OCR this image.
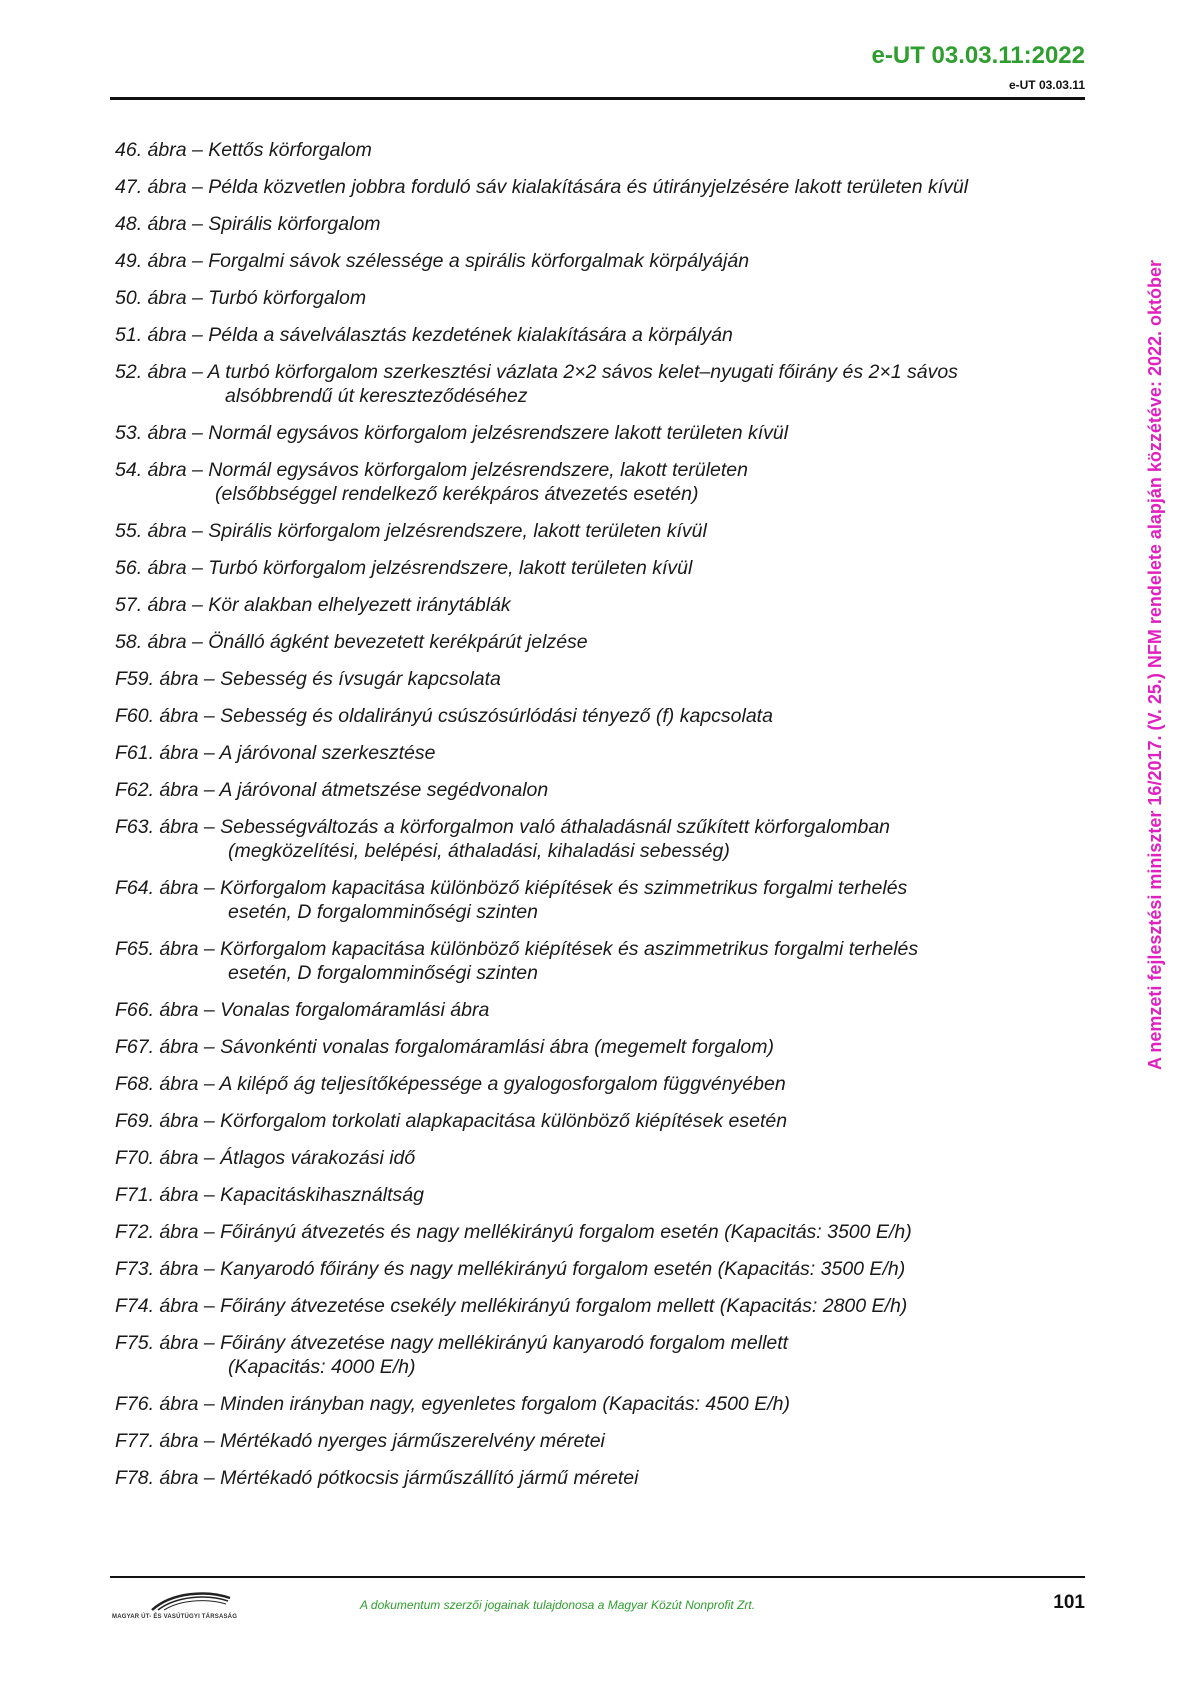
e-UT 03.03.11:2022
e-UT 03.03.11
A nemzeti fejlesztési miniszter 16/2017. (V. 25.) NFM rendelete alapján közzétéve: 2022. október
46. ábra – Kettős körforgalom
47. ábra – Példa közvetlen jobbra forduló sáv kialakítására és útirányjelzésére lakott területen kívül
48. ábra – Spirális körforgalom
49. ábra – Forgalmi sávok szélessége a spirális körforgalmak körpályáján
50. ábra – Turbó körforgalom
51. ábra – Példa a sávelválasztás kezdetének kialakítására a körpályán
52. ábra – A turbó körforgalom szerkesztési vázlata 2×2 sávos kelet–nyugati főirány és 2×1 sávos
alsóbbrendű út kereszteződéséhez
53. ábra – Normál egysávos körforgalom jelzésrendszere lakott területen kívül
54. ábra – Normál egysávos körforgalom jelzésrendszere, lakott területen
(elsőbbséggel rendelkező kerékpáros átvezetés esetén)
55. ábra – Spirális körforgalom jelzésrendszere, lakott területen kívül
56. ábra – Turbó körforgalom jelzésrendszere, lakott területen kívül
57. ábra – Kör alakban elhelyezett iránytáblák
58. ábra – Önálló ágként bevezetett kerékpárút jelzése
F59. ábra – Sebesség és ívsugár kapcsolata
F60. ábra – Sebesség és oldalirányú csúszósúrlódási tényező (f) kapcsolata
F61. ábra – A járóvonal szerkesztése
F62. ábra – A járóvonal átmetszése segédvonalon
F63. ábra – Sebességváltozás a körforgalmon való áthaladásnál szűkített körforgalomban
(megközelítési, belépési, áthaladási, kihaladási sebesség)
F64. ábra – Körforgalom kapacitása különböző kiépítések és szimmetrikus forgalmi terhelés
esetén, D forgalomminőségi szinten
F65. ábra – Körforgalom kapacitása különböző kiépítések és aszimmetrikus forgalmi terhelés
esetén, D forgalomminőségi szinten
F66. ábra – Vonalas forgalomáramlási ábra
F67. ábra – Sávonkénti vonalas forgalomáramlási ábra (megemelt forgalom)
F68. ábra – A kilépő ág teljesítőképessége a gyalogosforgalom függvényében
F69. ábra – Körforgalom torkolati alapkapacitása különböző kiépítések esetén
F70. ábra – Átlagos várakozási idő
F71. ábra – Kapacitáskihasználtság
F72. ábra – Főirányú átvezetés és nagy mellékirányú forgalom esetén (Kapacitás: 3500 E/h)
F73. ábra – Kanyarodó főirány és nagy mellékirányú forgalom esetén (Kapacitás: 3500 E/h)
F74. ábra – Főirány átvezetése csekély mellékirányú forgalom mellett (Kapacitás: 2800 E/h)
F75. ábra – Főirány átvezetése nagy mellékirányú kanyarodó forgalom mellett
(Kapacitás: 4000 E/h)
F76. ábra – Minden irányban nagy, egyenletes forgalom (Kapacitás: 4500 E/h)
F77. ábra – Mértékadó nyerges járműszerelvény méretei
F78. ábra – Mértékadó pótkocsis járműszállító jármű méretei
MAGYAR ÚT- ÉS VASÚTÜGYI TÁRSASÁG
A dokumentum szerzői jogainak tulajdonosa a Magyar Közút Nonprofit Zrt.	101
